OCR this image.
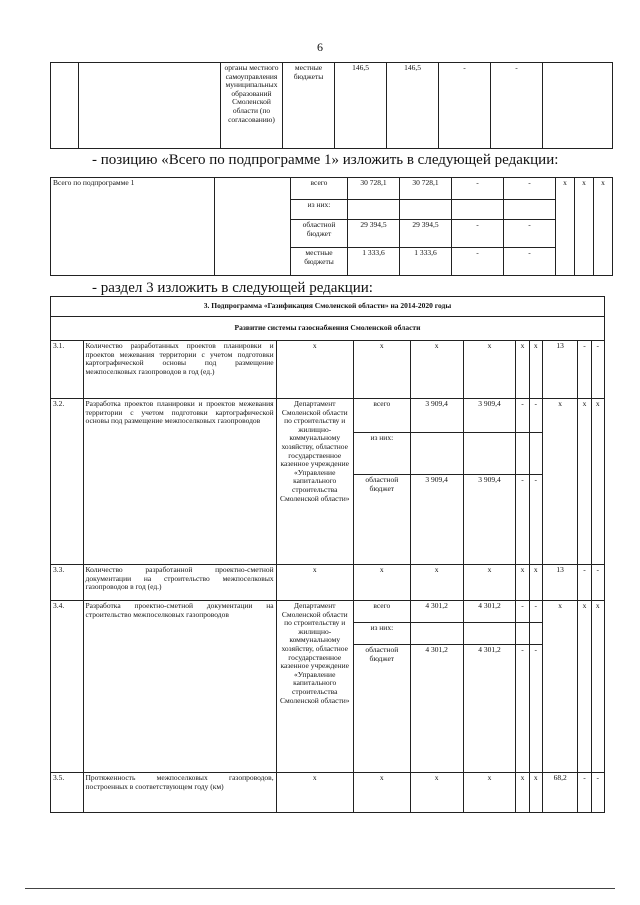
6
		органы местного самоуправления муниципальных образований Смоленской области (по согласованию)	местные бюджеты	146,5	146,5	-	-	
- позицию «Всего по подпрограмме 1» изложить в следующей редакции:
Всего по подпрограмме 1		всего	30 728,1	30 728,1	-	-	х	х	х
		из них:							
		областной бюджет	29 394,5	29 394,5	-	-			
		местные бюджеты	1 333,6	1 333,6	-	-			
- раздел 3 изложить в следующей редакции:
3. Подпрограмма «Газификация Смоленской области» на 2014-2020 годы										
Развитие системы газоснабжения Смоленской области										
3.1.	Количество разработанных проектов планировки и проектов межевания территории с учетом подготовки картографической основы под размещение межпоселковых газопроводов в год (ед.)	х	х	х	х	х	х	13	-	-
3.2.	Разработка проектов планировки и проектов межевания территории с учетом подготовки картографической основы под размещение межпоселковых газопроводов	Департамент Смоленской области по строительству и жилищно-коммунальному хозяйству, областное государственное казенное учреждение «Управление капитального строительства Смоленской области»	всего	3 909,4	3 909,4	-	-	х	х	х
			из них:							
			областной бюджет	3 909,4	3 909,4	-	-			
3.3.	Количество разработанной проектно-сметной документации на строительство межпоселковых газопроводов в год (ед.)	х	х	х	х	х	х	13	-	-
3.4.	Разработка проектно-сметной документации на строительство межпоселковых газопроводов	Департамент Смоленской области по строительству и жилищно-коммунальному хозяйству, областное государственное казенное учреждение «Управление капитального строительства Смоленской области»	всего	4 301,2	4 301,2	-	-	х	х	х
			из них:							
			областной бюджет	4 301,2	4 301,2	-	-			
3.5.	Протяженность межпоселковых газопроводов, построенных в соответствующем году (км)	х	х	х	х	х	х	68,2	-	-
